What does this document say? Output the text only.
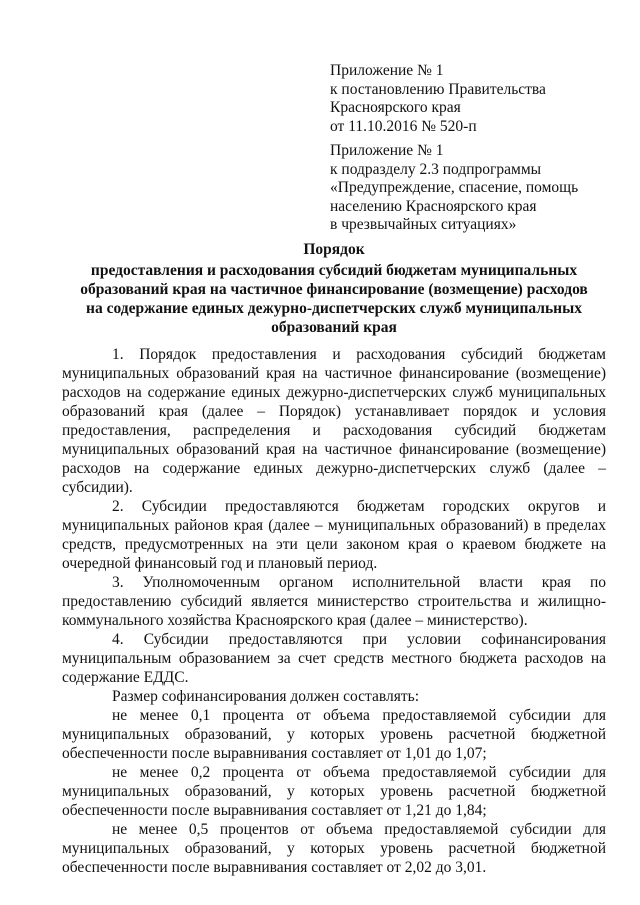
Приложение № 1

к постановлению Правительства

Красноярского края

от 11.10.2016 № 520-п

Приложение № 1

к подразделу 2.3 подпрограммы

«Предупреждение, спасение, помощь

населению Красноярского края

в чрезвычайных ситуациях»

Порядок

предоставления и расходования субсидий бюджетам муниципальных

образований края на частичное финансирование (возмещение) расходов

на содержание единых дежурно-диспетчерских служб муниципальных

образований края

1. Порядок предоставления и расходования субсидий бюджетам муниципальных образований края на частичное финансирование (возмещение) расходов на содержание единых дежурно-диспетчерских служб муниципальных образований края (далее – Порядок) устанавливает порядок и условия предоставления, распределения и расходования субсидий бюджетам муниципальных образований края на частичное финансирование (возмещение) расходов на содержание единых дежурно-диспетчерских служб (далее – субсидии).

2. Субсидии предоставляются бюджетам городских округов и муниципальных районов края (далее – муниципальных образований) в пределах средств, предусмотренных на эти цели законом края о краевом бюджете на очередной финансовый год и плановый период.

3. Уполномоченным органом исполнительной власти края по предоставлению субсидий является министерство строительства и жилищно-коммунального хозяйства Красноярского края (далее – министерство).

4. Субсидии предоставляются при условии софинансирования муниципальным образованием за счет средств местного бюджета расходов на содержание ЕДДС.

Размер софинансирования должен составлять:

не менее 0,1 процента от объема предоставляемой субсидии для муниципальных образований, у которых уровень расчетной бюджетной обеспеченности после выравнивания составляет от 1,01 до 1,07;

не менее 0,2 процента от объема предоставляемой субсидии для муниципальных образований, у которых уровень расчетной бюджетной обеспеченности после выравнивания составляет от 1,21 до 1,84;

не менее 0,5 процентов от объема предоставляемой субсидии для муниципальных образований, у которых уровень расчетной бюджетной обеспеченности после выравнивания составляет от 2,02 до 3,01.
